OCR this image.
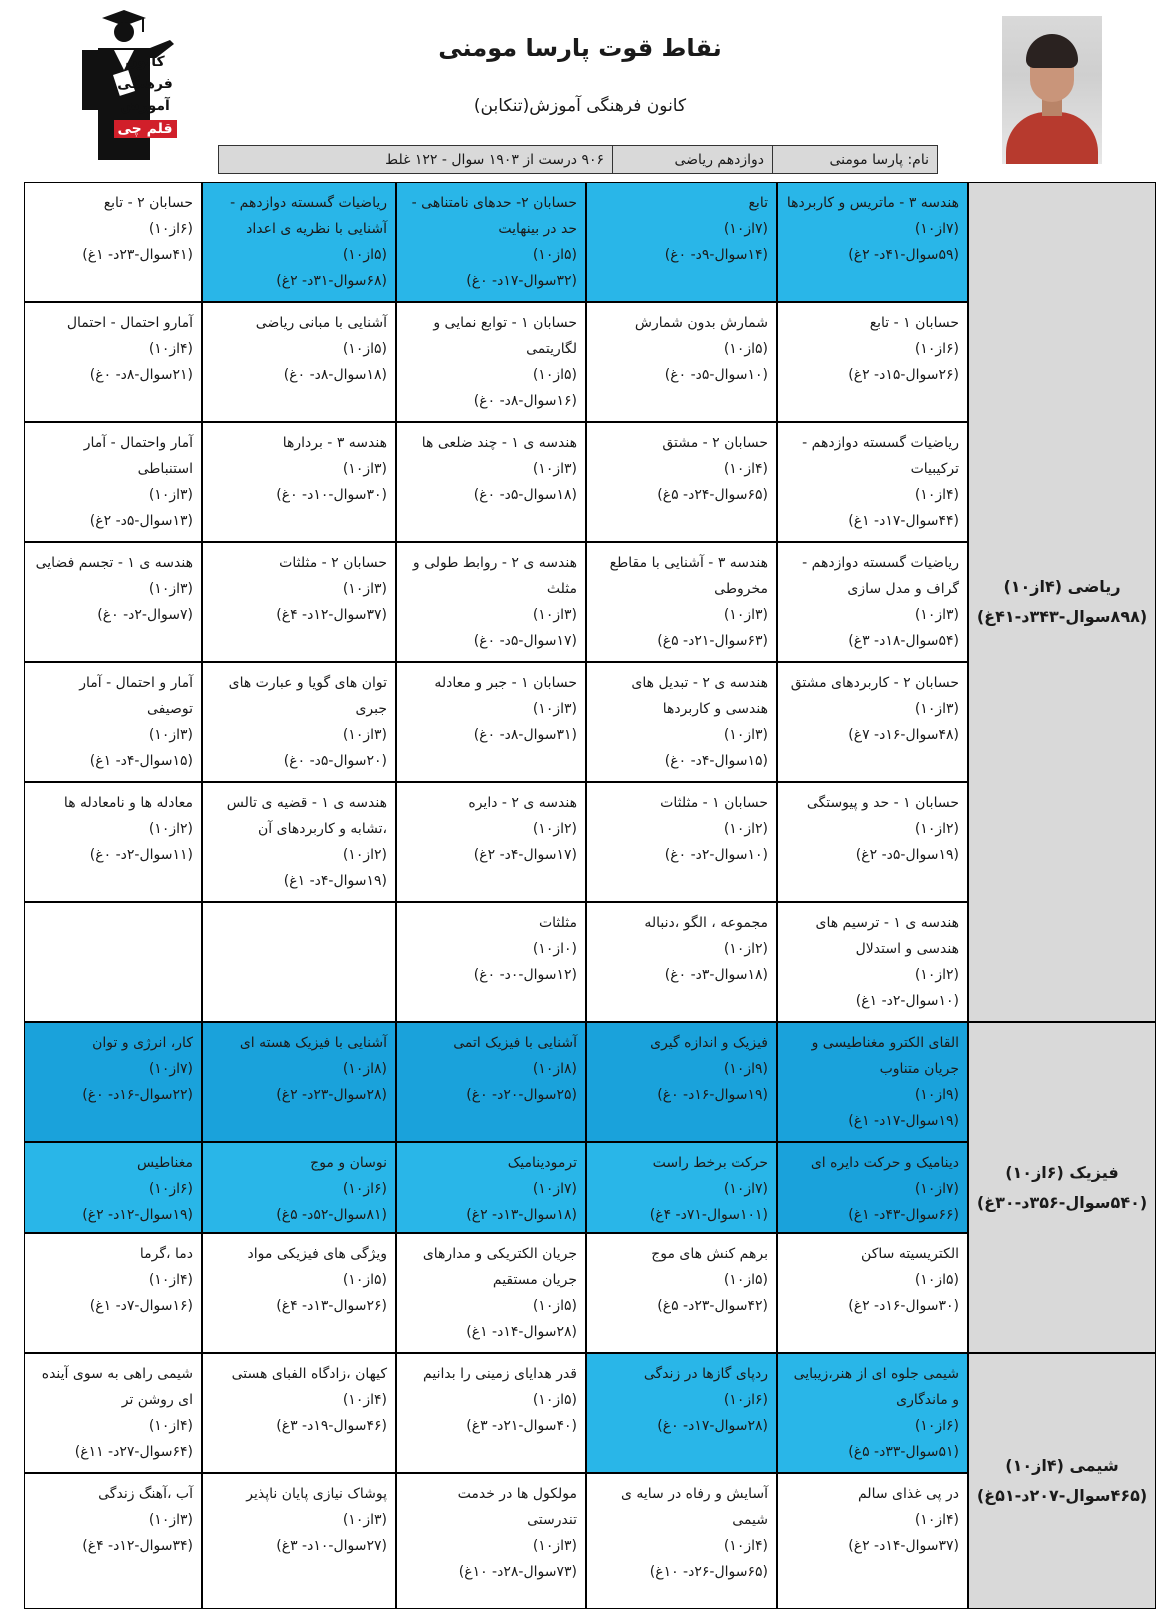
نقاط قوت پارسا مومنی
کانون فرهنگی آموزش(تنکابن)
نام: پارسا مومنی
دوازدهم ریاضی
۹۰۶ درست از ۱۹۰۳ سوال - ۱۲۲ غلط
کانون
فرهنگی
آموزش
قلم چی
ریاضی (۴از۱۰)
(۸۹۸سوال-۳۴۳د-۴۱غ)
فیزیک (۶از۱۰)
(۵۴۰سوال-۳۵۶د-۳۰غ)
شیمی (۴از۱۰)
(۴۶۵سوال-۲۰۷د-۵۱غ)
هندسه ۳ - ماتریس و کاربردها
(۷از۱۰)
(۵۹سوال-۴۱د- ۲غ)
تابع
(۷از۱۰)
(۱۴سوال-۹د- ۰غ)
حسابان ۲- حدهای نامتناهی - حد در بینهایت
(۵از۱۰)
(۳۲سوال-۱۷د- ۰غ)
ریاضیات گسسته دوازدهم - آشنایی با نظریه ی اعداد
(۵از۱۰)
(۶۸سوال-۳۱د- ۲غ)
حسابان ۲ - تابع
(۶از۱۰)
(۴۱سوال-۲۳د- ۱غ)
حسابان ۱ - تابع
(۶از۱۰)
(۲۶سوال-۱۵د- ۲غ)
شمارش بدون شمارش
(۵از۱۰)
(۱۰سوال-۵د- ۰غ)
حسابان ۱ - توابع نمایی و لگاریتمی
(۵از۱۰)
(۱۶سوال-۸د- ۰غ)
آشنایی با مبانی ریاضی
(۵از۱۰)
(۱۸سوال-۸د- ۰غ)
آمارو احتمال - احتمال
(۴از۱۰)
(۲۱سوال-۸د- ۰غ)
ریاضیات گسسته دوازدهم - ترکیبیات
(۴از۱۰)
(۴۴سوال-۱۷د- ۱غ)
حسابان ۲ - مشتق
(۴از۱۰)
(۶۵سوال-۲۴د- ۵غ)
هندسه ی ۱ - چند ضلعی ها
(۳از۱۰)
(۱۸سوال-۵د- ۰غ)
هندسه ۳ - بردارها
(۳از۱۰)
(۳۰سوال-۱۰د- ۰غ)
آمار واحتمال - آمار استنباطی
(۳از۱۰)
(۱۳سوال-۵د- ۲غ)
ریاضیات گسسته دوازدهم - گراف و مدل سازی
(۳از۱۰)
(۵۴سوال-۱۸د- ۳غ)
هندسه ۳ - آشنایی با مقاطع مخروطی
(۳از۱۰)
(۶۳سوال-۲۱د- ۵غ)
هندسه ی ۲ - روابط طولی و مثلث
(۳از۱۰)
(۱۷سوال-۵د- ۰غ)
حسابان ۲ - مثلثات
(۳از۱۰)
(۳۷سوال-۱۲د- ۴غ)
هندسه ی ۱ - تجسم فضایی
(۳از۱۰)
(۷سوال-۲د- ۰غ)
حسابان ۲ - کاربردهای مشتق
(۳از۱۰)
(۴۸سوال-۱۶د- ۷غ)
هندسه ی ۲ - تبدیل های هندسی و کاربردها
(۳از۱۰)
(۱۵سوال-۴د- ۰غ)
حسابان ۱ - جبر و معادله
(۳از۱۰)
(۳۱سوال-۸د- ۰غ)
توان های گویا و عبارت های جبری
(۳از۱۰)
(۲۰سوال-۵د- ۰غ)
آمار و احتمال - آمار توصیفی
(۳از۱۰)
(۱۵سوال-۴د- ۱غ)
حسابان ۱ - حد و پیوستگی
(۲از۱۰)
(۱۹سوال-۵د- ۲غ)
حسابان ۱ - مثلثات
(۲از۱۰)
(۱۰سوال-۲د- ۰غ)
هندسه ی ۲ - دایره
(۲از۱۰)
(۱۷سوال-۴د- ۲غ)
هندسه ی ۱ - قضیه ی تالس ،تشابه و کاربردهای آن
(۲از۱۰)
(۱۹سوال-۴د- ۱غ)
معادله ها و نامعادله ها
(۲از۱۰)
(۱۱سوال-۲د- ۰غ)
هندسه ی ۱ - ترسیم های هندسی و استدلال
(۲از۱۰)
(۱۰سوال-۲د- ۱غ)
مجموعه ، الگو ،دنباله
(۲از۱۰)
(۱۸سوال-۳د- ۰غ)
مثلثات
(۰از۱۰)
(۱۲سوال-۰د- ۰غ)
القای الکترو مغناطیسی و جریان متناوب
(۹از۱۰)
(۱۹سوال-۱۷د- ۱غ)
فیزیک و اندازه گیری
(۹از۱۰)
(۱۹سوال-۱۶د- ۰غ)
آشنایی با فیزیک اتمی
(۸از۱۰)
(۲۵سوال-۲۰د- ۰غ)
آشنایی با فیزیک هسته ای
(۸از۱۰)
(۲۸سوال-۲۳د- ۲غ)
کار، انرژی و توان
(۷از۱۰)
(۲۲سوال-۱۶د- ۰غ)
دینامیک و حرکت دایره ای
(۷از۱۰)
(۶۶سوال-۴۳د- ۱غ)
حرکت برخط راست
(۷از۱۰)
(۱۰۱سوال-۷۱د- ۴غ)
ترمودینامیک
(۷از۱۰)
(۱۸سوال-۱۳د- ۲غ)
نوسان و موج
(۶از۱۰)
(۸۱سوال-۵۲د- ۵غ)
مغناطیس
(۶از۱۰)
(۱۹سوال-۱۲د- ۲غ)
الکتریسیته ساکن
(۵از۱۰)
(۳۰سوال-۱۶د- ۲غ)
برهم کنش های موج
(۵از۱۰)
(۴۲سوال-۲۳د- ۵غ)
جریان الکتریکی و مدارهای جریان مستقیم
(۵از۱۰)
(۲۸سوال-۱۴د- ۱غ)
ویژگی های فیزیکی مواد
(۵از۱۰)
(۲۶سوال-۱۳د- ۴غ)
دما ،گرما
(۴از۱۰)
(۱۶سوال-۷د- ۱غ)
شیمی جلوه ای از هنر،زیبایی و ماندگاری
(۶از۱۰)
(۵۱سوال-۳۳د- ۵غ)
ردپای گازها در زندگی
(۶از۱۰)
(۲۸سوال-۱۷د- ۰غ)
قدر هدایای زمینی را بدانیم
(۵از۱۰)
(۴۰سوال-۲۱د- ۳غ)
کیهان ،زادگاه الفبای هستی
(۴از۱۰)
(۴۶سوال-۱۹د- ۳غ)
شیمی راهی به سوی آینده ای روشن تر
(۴از۱۰)
(۶۴سوال-۲۷د- ۱۱غ)
در پی غذای سالم
(۴از۱۰)
(۳۷سوال-۱۴د- ۲غ)
آسایش و رفاه در سایه ی شیمی
(۴از۱۰)
(۶۵سوال-۲۶د- ۱۰غ)
مولکول ها در خدمت تندرستی
(۳از۱۰)
(۷۳سوال-۲۸د- ۱۰غ)
پوشاک نیازی پایان ناپذیر
(۳از۱۰)
(۲۷سوال-۱۰د- ۳غ)
آب ،آهنگ زندگی
(۳از۱۰)
(۳۴سوال-۱۲د- ۴غ)
